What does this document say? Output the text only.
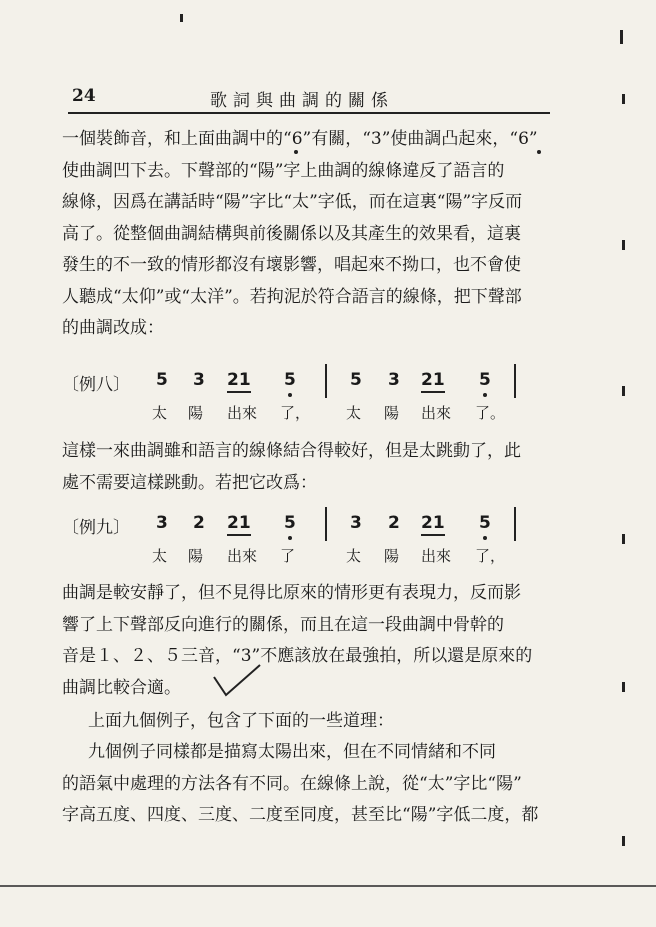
24	歌詞與曲調的關係
一個裝飾音，和上面曲調中的“6”有關，“3”使曲調凸起來，“6”
使曲調凹下去。下聲部的“陽”字上曲調的線條違反了語言的
線條，因爲在講話時“陽”字比“太”字低，而在這裏“陽”字反而
高了。從整個曲調結構與前後關係以及其產生的效果看，這裏
發生的不一致的情形都沒有壞影響，唱起來不拗口，也不會使
人聽成“太仰”或“太洋”。若拘泥於符合語言的線條，把下聲部
的曲調改成：
〔例八〕 5 3 21 5	5 3 21 5
太 陽 出來 了， 太 陽 出來 了。
這樣一來曲調雖和語言的線條結合得較好，但是太跳動了，此
處不需要這樣跳動。若把它改爲：
〔例九〕 3 2 21 5	3 2 21 5
太 陽 出來 了	太 陽 出來 了，
曲調是較安靜了，但不見得比原來的情形更有表現力，反而影
響了上下聲部反向進行的關係，而且在這一段曲調中骨幹的
音是１、２、５三音，“3”不應該放在最強拍，所以還是原來的
曲調比較合適。
上面九個例子，包含了下面的一些道理：
九個例子同樣都是描寫太陽出來，但在不同情緒和不同
的語氣中處理的方法各有不同。在線條上說，從“太”字比“陽”
字高五度、四度、三度、二度至同度，甚至比“陽”字低二度，都
